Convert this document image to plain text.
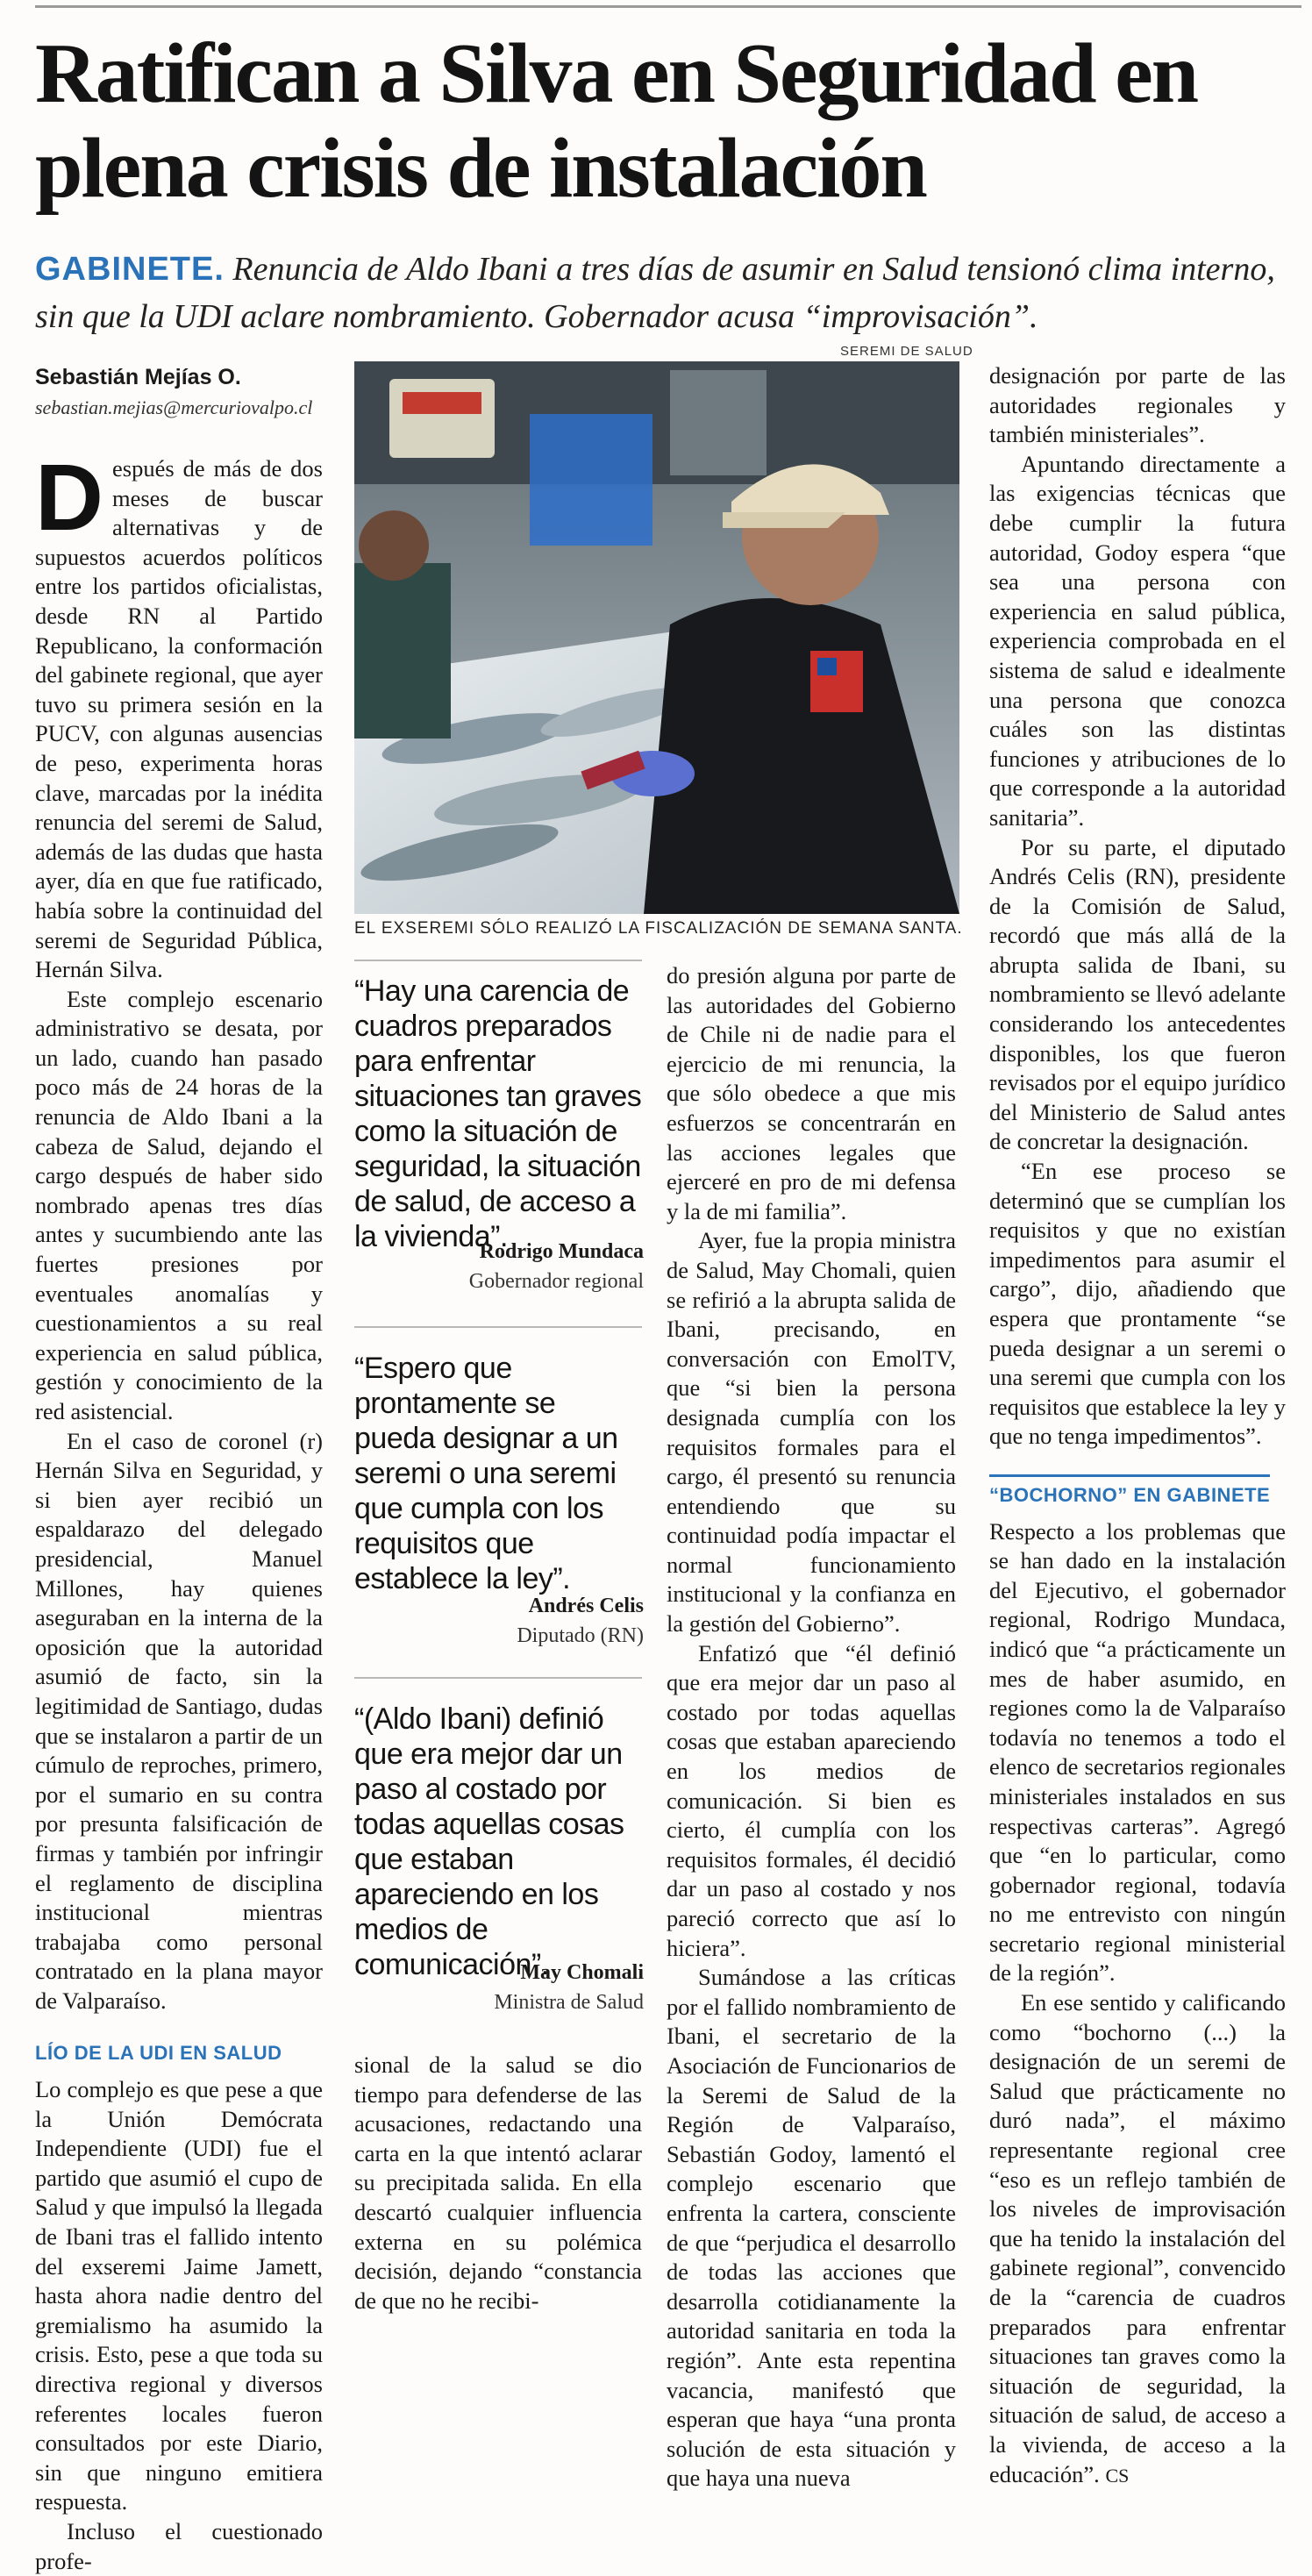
Ratifican a Silva en Seguridad en plena crisis de instalación
GABINETE. Renuncia de Aldo Ibani a tres días de asumir en Salud tensionó clima interno, sin que la UDI aclare nombramiento. Gobernador acusa “improvisación”.
Sebastián Mejías O.
sebastian.mejias@mercuriovalpo.cl

Después de más de dos meses de buscar alternativas y de supuestos acuerdos políticos entre los partidos oficialistas, desde RN al Partido Republicano, la conformación del gabinete regional, que ayer tuvo su primera sesión en la PUCV, con algunas ausencias de peso, experimenta horas clave, marcadas por la inédita renuncia del seremi de Salud, además de las dudas que hasta ayer, día en que fue ratificado, había sobre la continuidad del seremi de Seguridad Pública, Hernán Silva.

Este complejo escenario administrativo se desata, por un lado, cuando han pasado poco más de 24 horas de la renuncia de Aldo Ibani a la cabeza de Salud, dejando el cargo después de haber sido nombrado apenas tres días antes y sucumbiendo ante las fuertes presiones por eventuales anomalías y cuestionamientos a su real experiencia en salud pública, gestión y conocimiento de la red asistencial.

En el caso de coronel (r) Hernán Silva en Seguridad, y si bien ayer recibió un espaldarazo del delegado presidencial, Manuel Millones, hay quienes aseguraban en la interna de la oposición que la autoridad asumió de facto, sin la legitimidad de Santiago, dudas que se instalaron a partir de un cúmulo de reproches, primero, por el sumario en su contra por presunta falsificación de firmas y también por infringir el reglamento de disciplina institucional mientras trabajaba como personal contratado en la plana mayor de Valparaíso.

LÍO DE LA UDI EN SALUD

Lo complejo es que pese a que la Unión Demócrata Independiente (UDI) fue el partido que asumió el cupo de Salud y que impulsó la llegada de Ibani tras el fallido intento del exseremi Jaime Jamett, hasta ahora nadie dentro del gremialismo ha asumido la crisis. Esto, pese a que toda su directiva regional y diversos referentes locales fueron consultados por este Diario, sin que ninguno emitiera respuesta.

Incluso el cuestionado profe-

SEREMI DE SALUD
EL EXSEREMI SÓLO REALIZÓ LA FISCALIZACIÓN DE SEMANA SANTA.
“Hay una carencia de cuadros preparados para enfrentar situaciones tan graves como la situación de seguridad, la situación de salud, de acceso a la vivienda”.
Rodrigo Mundaca
Gobernador regional
“Espero que prontamente se pueda designar a un seremi o una seremi que cumpla con los requisitos que establece la ley”.
Andrés Celis
Diputado (RN)
“(Aldo Ibani) definió que era mejor dar un paso al costado por todas aquellas cosas que estaban apareciendo en los medios de comunicación”.
May Chomali
Ministra de Salud

sional de la salud se dio tiempo para defenderse de las acusaciones, redactando una carta en la que intentó aclarar su precipitada salida. En ella descartó cualquier influencia externa en su polémica decisión, dejando “constancia de que no he recibi-

do presión alguna por parte de las autoridades del Gobierno de Chile ni de nadie para el ejercicio de mi renuncia, la que sólo obedece a que mis esfuerzos se concentrarán en las acciones legales que ejerceré en pro de mi defensa y la de mi familia”.

Ayer, fue la propia ministra de Salud, May Chomali, quien se refirió a la abrupta salida de Ibani, precisando, en conversación con EmolTV, que “si bien la persona designada cumplía con los requisitos formales para el cargo, él presentó su renuncia entendiendo que su continuidad podía impactar el normal funcionamiento institucional y la confianza en la gestión del Gobierno”.

Enfatizó que “él definió que era mejor dar un paso al costado por todas aquellas cosas que estaban apareciendo en los medios de comunicación. Si bien es cierto, él cumplía con los requisitos formales, él decidió dar un paso al costado y nos pareció correcto que así lo hiciera”.

Sumándose a las críticas por el fallido nombramiento de Ibani, el secretario de la Asociación de Funcionarios de la Seremi de Salud de la Región de Valparaíso, Sebastián Godoy, lamentó el complejo escenario que enfrenta la cartera, consciente de que “perjudica el desarrollo de todas las acciones que desarrolla cotidianamente la autoridad sanitaria en toda la región”. Ante esta repentina vacancia, manifestó que esperan que haya “una pronta solución de esta situación y que haya una nueva

designación por parte de las autoridades regionales y también ministeriales”.

Apuntando directamente a las exigencias técnicas que debe cumplir la futura autoridad, Godoy espera “que sea una persona con experiencia en salud pública, experiencia comprobada en el sistema de salud e idealmente una persona que conozca cuáles son las distintas funciones y atribuciones de lo que corresponde a la autoridad sanitaria”.

Por su parte, el diputado Andrés Celis (RN), presidente de la Comisión de Salud, recordó que más allá de la abrupta salida de Ibani, su nombramiento se llevó adelante considerando los antecedentes disponibles, los que fueron revisados por el equipo jurídico del Ministerio de Salud antes de concretar la designación.

“En ese proceso se determinó que se cumplían los requisitos y que no existían impedimentos para asumir el cargo”, dijo, añadiendo que espera que prontamente “se pueda designar a un seremi o una seremi que cumpla con los requisitos que establece la ley y que no tenga impedimentos”.

“BOCHORNO” EN GABINETE

Respecto a los problemas que se han dado en la instalación del Ejecutivo, el gobernador regional, Rodrigo Mundaca, indicó que “a prácticamente un mes de haber asumido, en regiones como la de Valparaíso todavía no tenemos a todo el elenco de secretarios regionales ministeriales instalados en sus respectivas carteras”. Agregó que “en lo particular, como gobernador regional, todavía no me entrevisto con ningún secretario regional ministerial de la región”.

En ese sentido y calificando como “bochorno (...) la designación de un seremi de Salud que prácticamente no duró nada”, el máximo representante regional cree “eso es un reflejo también de los niveles de improvisación que ha tenido la instalación del gabinete regional”, convencido de la “carencia de cuadros preparados para enfrentar situaciones tan graves como la situación de seguridad, la situación de salud, de acceso a la vivienda, de acceso a la educación”. CS
